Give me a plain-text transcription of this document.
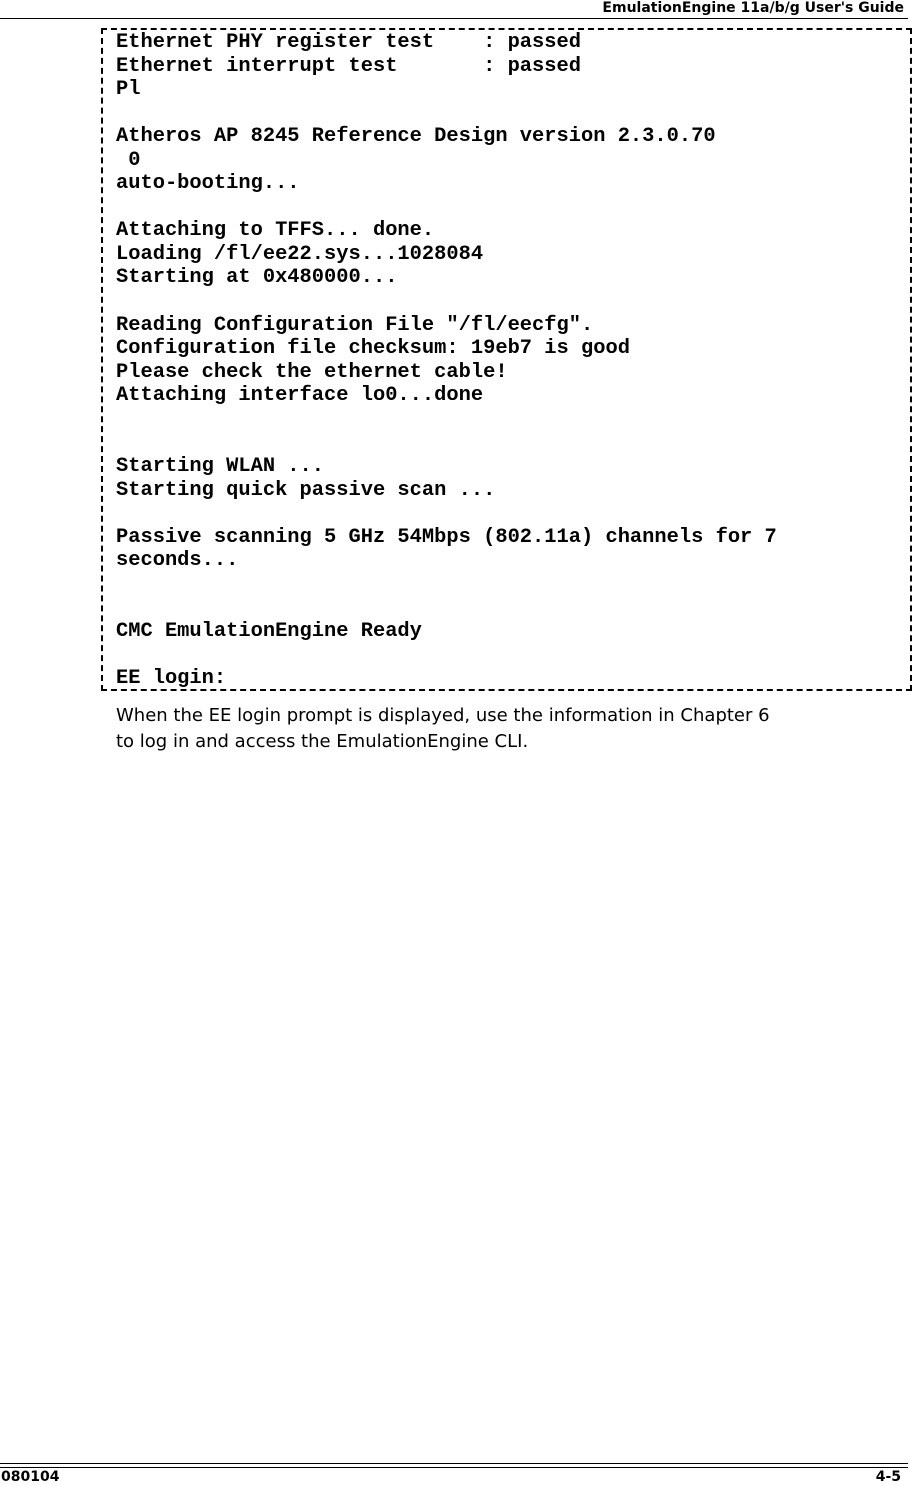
EmulationEngine 11a/b/g User's Guide
Ethernet PHY register test    : passed
Ethernet interrupt test       : passed
Pl
Atheros AP 8245 Reference Design version 2.3.0.70
0
auto-booting...
Attaching to TFFS... done.
Loading /fl/ee22.sys...1028084
Starting at 0x480000...
Reading Configuration File "/fl/eecfg".
Configuration file checksum: 19eb7 is good
Please check the ethernet cable!
Attaching interface lo0...done
Starting WLAN ...
Starting quick passive scan ...
Passive scanning 5 GHz 54Mbps (802.11a) channels for 7
seconds...
CMC EmulationEngine Ready
EE login:
When the EE login prompt is displayed, use the information in Chapter 6
to log in and access the EmulationEngine CLI.
080104	4-5
